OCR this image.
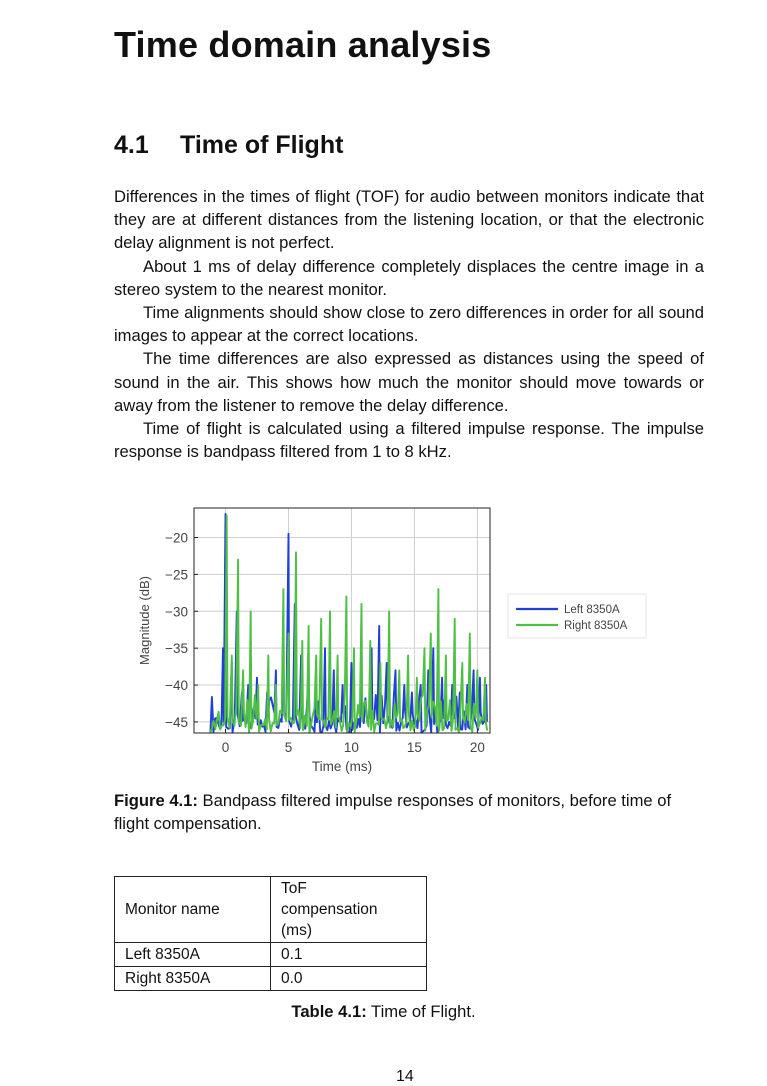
Time domain analysis
4.1 Time of Flight

Differences in the times of flight (TOF) for audio between monitors indicate that they are at different distances from the listening location, or that the electronic delay alignment is not perfect.

About 1 ms of delay difference completely displaces the centre image in a stereo system to the nearest monitor.

Time alignments should show close to zero differences in order for all sound images to appear at the correct locations.

The time differences are also expressed as distances using the speed of sound in the air. This shows how much the monitor should move towards or away from the listener to remove the delay difference.

Time of flight is calculated using a filtered impulse response. The impulse response is bandpass filtered from 1 to 8 kHz.

0	5	10	15	20
−20
−25
−30
−35
−40
−45
Magnitude (dB)
Time (ms)
Left 8350A
Right 8350A
Figure 4.1: Bandpass filtered impulse responses of monitors, before time of flight compensation.
Monitor name	ToF
compensation
(ms)

Left 8350A	0.1
Right 8350A	0.0
Table 4.1: Time of Flight.
14
